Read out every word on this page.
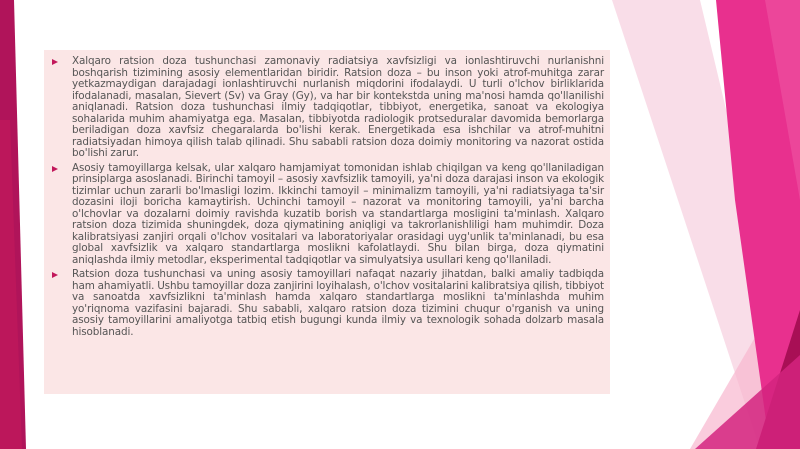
Xalqaro ratsion doza tushunchasi zamonaviy radiatsiya xavfsizligi va ionlashtiruvchi nurlanishni boshqarish tizimining asosiy elementlaridan biridir. Ratsion doza – bu inson yoki atrof-muhitga zarar yetkazmaydigan darajadagi ionlashtiruvchi nurlanish miqdorini ifodalaydi. U turli o'lchov birliklarida ifodalanadi, masalan, Sievert (Sv) va Gray (Gy), va har bir kontekstda uning ma'nosi hamda qo'llanilishi aniqlanadi. Ratsion doza tushunchasi ilmiy tadqiqotlar, tibbiyot, energetika, sanoat va ekologiya sohalarida muhim ahamiyatga ega. Masalan, tibbiyotda radiologik protseduralar davomida bemorlarga beriladigan doza xavfsiz chegaralarda bo'lishi kerak. Energetikada esa ishchilar va atrof-muhitni radiatsiyadan himoya qilish talab qilinadi. Shu sababli ratsion doza doimiy monitoring va nazorat ostida bo'lishi zarur.
Asosiy tamoyillarga kelsak, ular xalqaro hamjamiyat tomonidan ishlab chiqilgan va keng qo'llaniladigan prinsiplarga asoslanadi. Birinchi tamoyil – asosiy xavfsizlik tamoyili, ya'ni doza darajasi inson va ekologik tizimlar uchun zararli bo'lmasligi lozim. Ikkinchi tamoyil – minimalizm tamoyili, ya'ni radiatsiyaga ta'sir dozasini iloji boricha kamaytirish. Uchinchi tamoyil – nazorat va monitoring tamoyili, ya'ni barcha o'lchovlar va dozalarni doimiy ravishda kuzatib borish va standartlarga mosligini ta'minlash. Xalqaro ratsion doza tizimida shuningdek, doza qiymatining aniqligi va takrorlanishliligi ham muhimdir. Doza kalibratsiyasi zanjiri orqali o'lchov vositalari va laboratoriyalar orasidagi uyg'unlik ta'minlanadi, bu esa global xavfsizlik va xalqaro standartlarga moslikni kafolatlaydi. Shu bilan birga, doza qiymatini aniqlashda ilmiy metodlar, eksperimental tadqiqotlar va simulyatsiya usullari keng qo'llaniladi.
Ratsion doza tushunchasi va uning asosiy tamoyillari nafaqat nazariy jihatdan, balki amaliy tadbiqda ham ahamiyatli. Ushbu tamoyillar doza zanjirini loyihalash, o'lchov vositalarini kalibratsiya qilish, tibbiyot va sanoatda xavfsizlikni ta'minlash hamda xalqaro standartlarga moslikni ta'minlashda muhim yo'riqnoma vazifasini bajaradi. Shu sababli, xalqaro ratsion doza tizimini chuqur o'rganish va uning asosiy tamoyillarini amaliyotga tatbiq etish bugungi kunda ilmiy va texnologik sohada dolzarb masala hisoblanadi.
